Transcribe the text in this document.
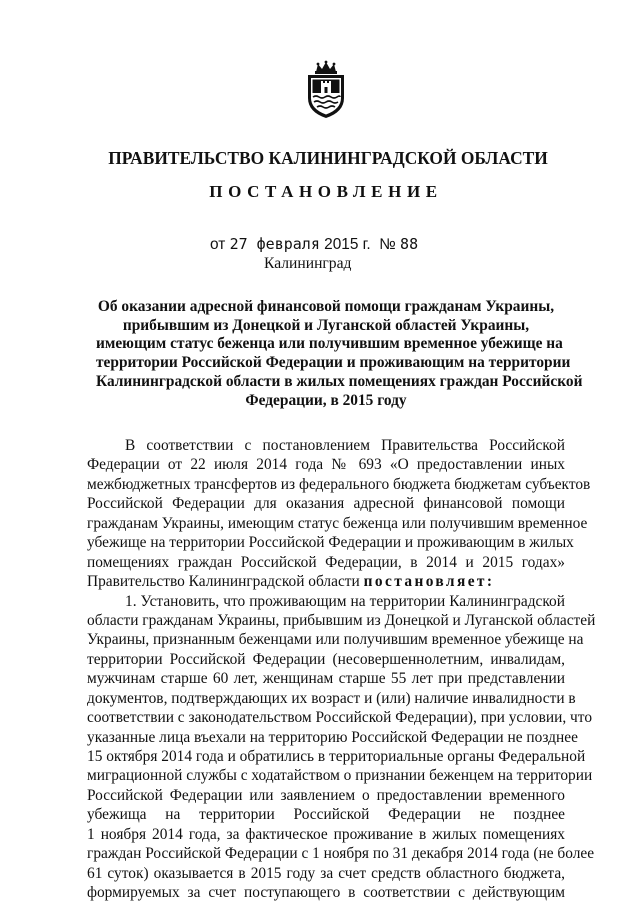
ПРАВИТЕЛЬСТВО КАЛИНИНГРАДСКОЙ ОБЛАСТИ
ПОСТАНОВЛЕНИЕ
от 27 февраля 2015 г. № 88
Калининград
Об оказании адресной финансовой помощи гражданам Украины,
прибывшим из Донецкой и Луганской областей Украины,
имеющим статус беженца или получившим временное убежище на
территории Российской Федерации и проживающим на территории
Калининградской области в жилых помещениях граждан Российской
Федерации, в 2015 году
В соответствии с постановлением Правительства Российской
Федерации от 22 июля 2014 года № 693 «О предоставлении иных
межбюджетных трансфертов из федерального бюджета бюджетам субъектов
Российской Федерации для оказания адресной финансовой помощи
гражданам Украины, имеющим статус беженца или получившим временное
убежище на территории Российской Федерации и проживающим в жилых
помещениях граждан Российской Федерации, в 2014 и 2015 годах»
Правительство Калининградской области постановляет:
1. Установить, что проживающим на территории Калининградской
области гражданам Украины, прибывшим из Донецкой и Луганской областей
Украины, признанным беженцами или получившим временное убежище на
территории Российской Федерации (несовершеннолетним, инвалидам,
мужчинам старше 60 лет, женщинам старше 55 лет при представлении
документов, подтверждающих их возраст и (или) наличие инвалидности в
соответствии с законодательством Российской Федерации), при условии, что
указанные лица въехали на территорию Российской Федерации не позднее
15 октября 2014 года и обратились в территориальные органы Федеральной
миграционной службы с ходатайством о признании беженцем на территории
Российской Федерации или заявлением о предоставлении временного
убежища на территории Российской Федерации не позднее
1 ноября 2014 года, за фактическое проживание в жилых помещениях
граждан Российской Федерации с 1 ноября по 31 декабря 2014 года (не более
61 суток) оказывается в 2015 году за счет средств областного бюджета,
формируемых за счет поступающего в соответствии с действующим
